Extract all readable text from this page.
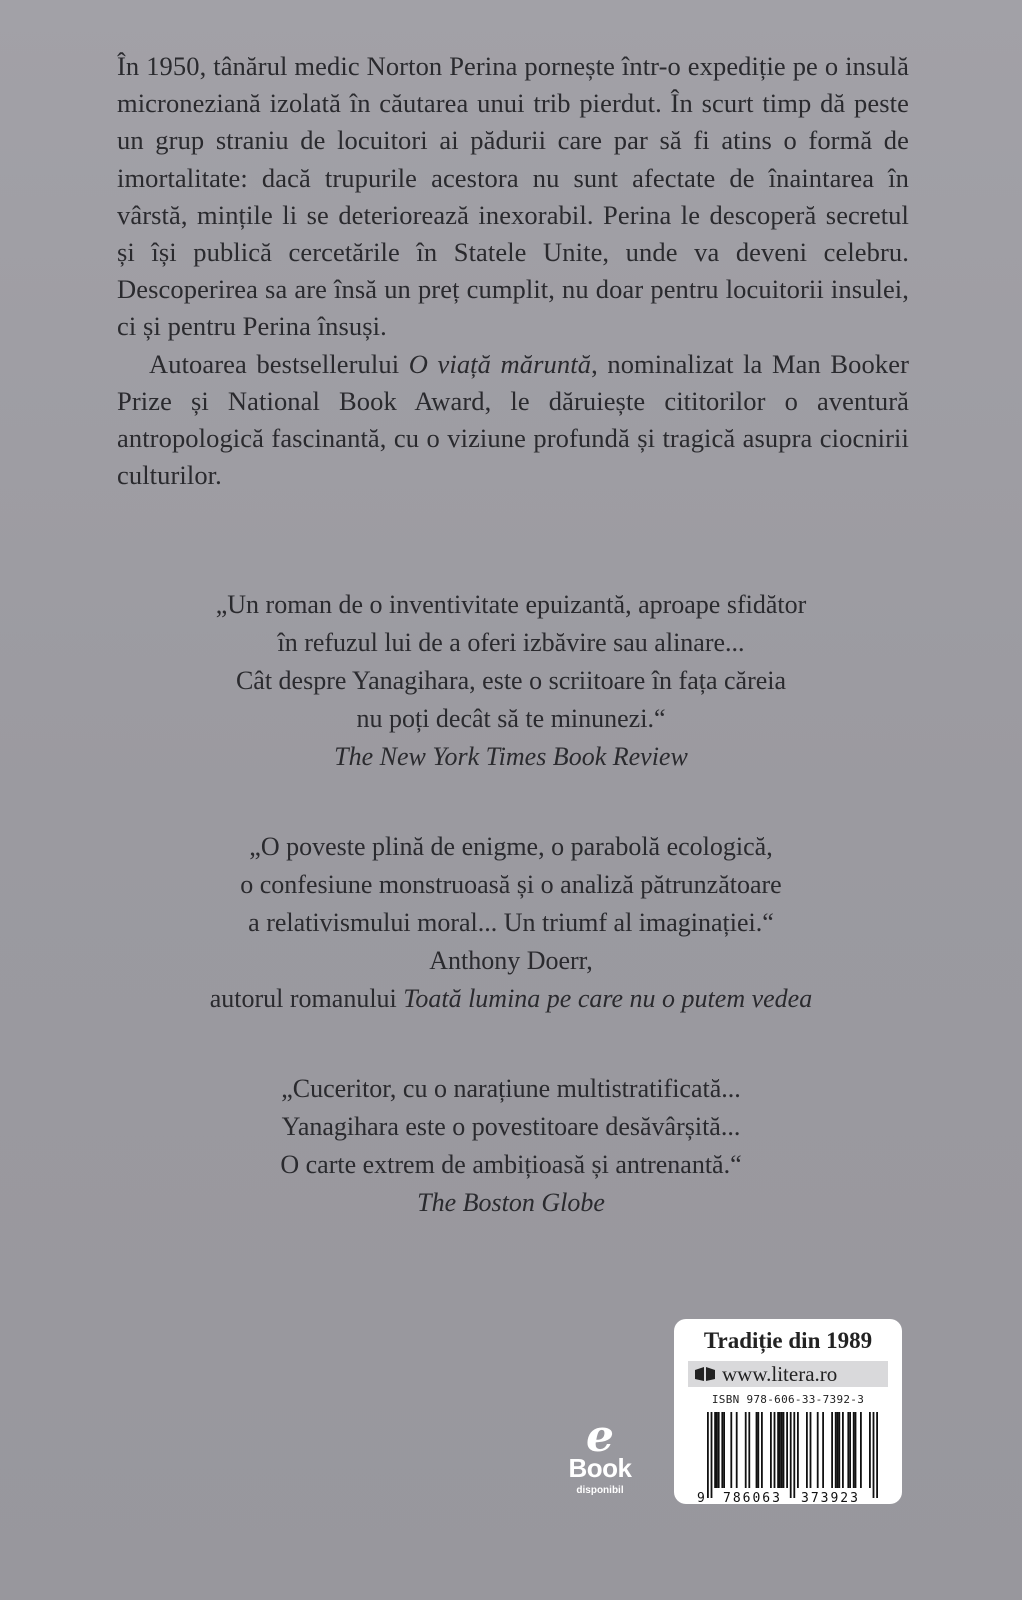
În 1950, tânărul medic Norton Perina pornește într-o expediție pe o insulă microneziană izolată în căutarea unui trib pierdut. În scurt timp dă peste un grup straniu de locuitori ai pădurii care par să fi atins o formă de imortalitate: dacă trupurile acestora nu sunt afectate de înaintarea în vârstă, mințile li se deteriorează inexorabil. Perina le descoperă secretul și își publică cercetările în Statele Unite, unde va deveni celebru. Descoperirea sa are însă un preț cumplit, nu doar pentru locuitorii insulei, ci și pentru Perina însuși.

Autoarea bestsellerului O viață măruntă, nominalizat la Man Booker Prize și National Book Award, le dăruiește cititorilor o aventură antropologică fascinantă, cu o viziune profundă și tragică asupra ciocnirii culturilor.

„Un roman de o inventivitate epuizantă, aproape sfidător
în refuzul lui de a oferi izbăvire sau alinare...
Cât despre Yanagihara, este o scriitoare în fața căreia
nu poți decât să te minunezi.“
The New York Times Book Review
„O poveste plină de enigme, o parabolă ecologică,
o confesiune monstruoasă și o analiză pătrunzătoare
a relativismului moral... Un triumf al imaginației.“
Anthony Doerr,
autorul romanului Toată lumina pe care nu o putem vedea
„Cuceritor, cu o narațiune multistratificată...
Yanagihara este o povestitoare desăvârșită...
O carte extrem de ambițioasă și antrenantă.“
The Boston Globe
e
Book
disponibil
Tradiție din 1989
www.litera.ro
ISBN 978-606-33-7392-3
9 786063 373923
